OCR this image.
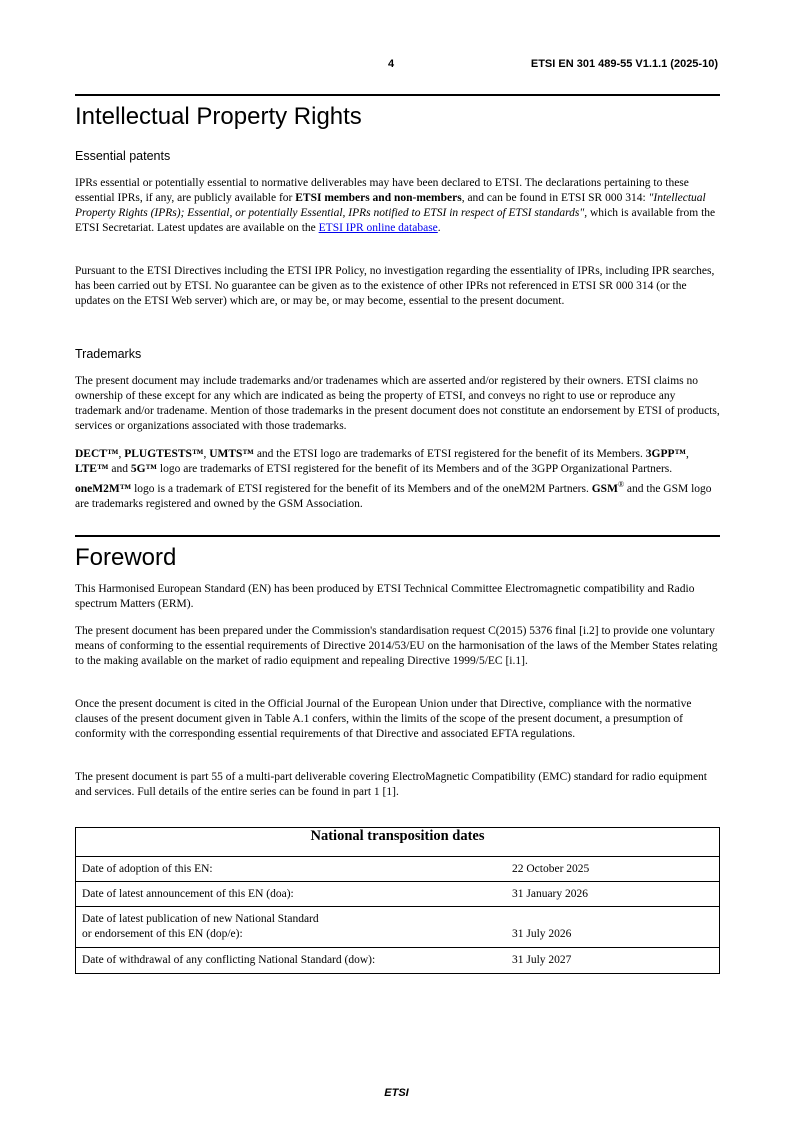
4	ETSI EN 301 489-55 V1.1.1 (2025-10)
Intellectual Property Rights
Essential patents

IPRs essential or potentially essential to normative deliverables may have been declared to ETSI. The declarations pertaining to these essential IPRs, if any, are publicly available for ETSI members and non-members, and can be found in ETSI SR 000 314: "Intellectual Property Rights (IPRs); Essential, or potentially Essential, IPRs notified to ETSI in respect of ETSI standards", which is available from the ETSI Secretariat. Latest updates are available on the ETSI IPR online database.

Pursuant to the ETSI Directives including the ETSI IPR Policy, no investigation regarding the essentiality of IPRs, including IPR searches, has been carried out by ETSI. No guarantee can be given as to the existence of other IPRs not referenced in ETSI SR 000 314 (or the updates on the ETSI Web server) which are, or may be, or may become, essential to the present document.

Trademarks

The present document may include trademarks and/or tradenames which are asserted and/or registered by their owners. ETSI claims no ownership of these except for any which are indicated as being the property of ETSI, and conveys no right to use or reproduce any trademark and/or tradename. Mention of those trademarks in the present document does not constitute an endorsement by ETSI of products, services or organizations associated with those trademarks.

DECT™, PLUGTESTS™, UMTS™ and the ETSI logo are trademarks of ETSI registered for the benefit of its Members. 3GPP™, LTE™ and 5G™ logo are trademarks of ETSI registered for the benefit of its Members and of the 3GPP Organizational Partners. oneM2M™ logo is a trademark of ETSI registered for the benefit of its Members and of the oneM2M Partners. GSM® and the GSM logo are trademarks registered and owned by the GSM Association.

Foreword

This Harmonised European Standard (EN) has been produced by ETSI Technical Committee Electromagnetic compatibility and Radio spectrum Matters (ERM).

The present document has been prepared under the Commission's standardisation request C(2015) 5376 final [i.2] to provide one voluntary means of conforming to the essential requirements of Directive 2014/53/EU on the harmonisation of the laws of the Member States relating to the making available on the market of radio equipment and repealing Directive 1999/5/EC [i.1].

Once the present document is cited in the Official Journal of the European Union under that Directive, compliance with the normative clauses of the present document given in Table A.1 confers, within the limits of the scope of the present document, a presumption of conformity with the corresponding essential requirements of that Directive and associated EFTA regulations.

The present document is part 55 of a multi-part deliverable covering ElectroMagnetic Compatibility (EMC) standard for radio equipment and services. Full details of the entire series can be found in part 1 [1].

National transposition dates
Date of adoption of this EN:	22 October 2025
Date of latest announcement of this EN (doa):	31 January 2026
Date of latest publication of new National Standard
or endorsement of this EN (dop/e):	31 July 2026
Date of withdrawal of any conflicting National Standard (dow):	31 July 2027
ETSI
